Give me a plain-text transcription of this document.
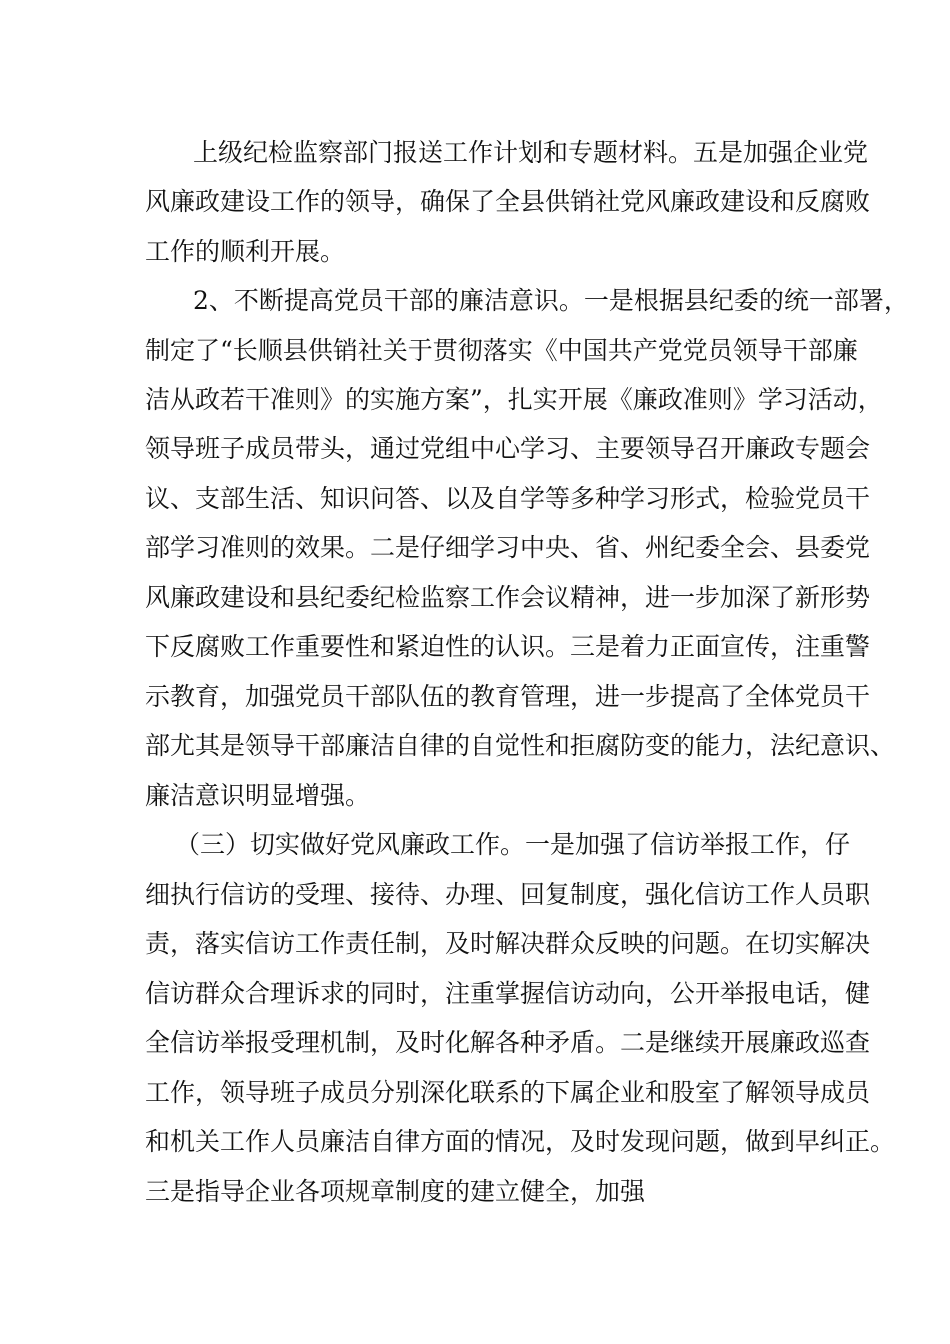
上级纪检监察部门报送工作计划和专题材料。五是加强企业党

风廉政建设工作的领导，确保了全县供销社党风廉政建设和反腐败

工作的顺利开展。

2、不断提高党员干部的廉洁意识。一是根据县纪委的统一部署，

制定了“长顺县供销社关于贯彻落实《中国共产党党员领导干部廉

洁从政若干准则》的实施方案”，扎实开展《廉政准则》学习活动，

领导班子成员带头，通过党组中心学习、主要领导召开廉政专题会

议、支部生活、知识问答、以及自学等多种学习形式，检验党员干

部学习准则的效果。二是仔细学习中央、省、州纪委全会、县委党

风廉政建设和县纪委纪检监察工作会议精神，进一步加深了新形势

下反腐败工作重要性和紧迫性的认识。三是着力正面宣传，注重警

示教育，加强党员干部队伍的教育管理，进一步提高了全体党员干

部尤其是领导干部廉洁自律的自觉性和拒腐防变的能力，法纪意识、

廉洁意识明显增强。

（三）切实做好党风廉政工作。一是加强了信访举报工作，仔

细执行信访的受理、接待、办理、回复制度，强化信访工作人员职

责，落实信访工作责任制，及时解决群众反映的问题。在切实解决

信访群众合理诉求的同时，注重掌握信访动向，公开举报电话，健

全信访举报受理机制，及时化解各种矛盾。二是继续开展廉政巡查

工作，领导班子成员分别深化联系的下属企业和股室了解领导成员

和机关工作人员廉洁自律方面的情况，及时发现问题，做到早纠正。

三是指导企业各项规章制度的建立健全，加强
